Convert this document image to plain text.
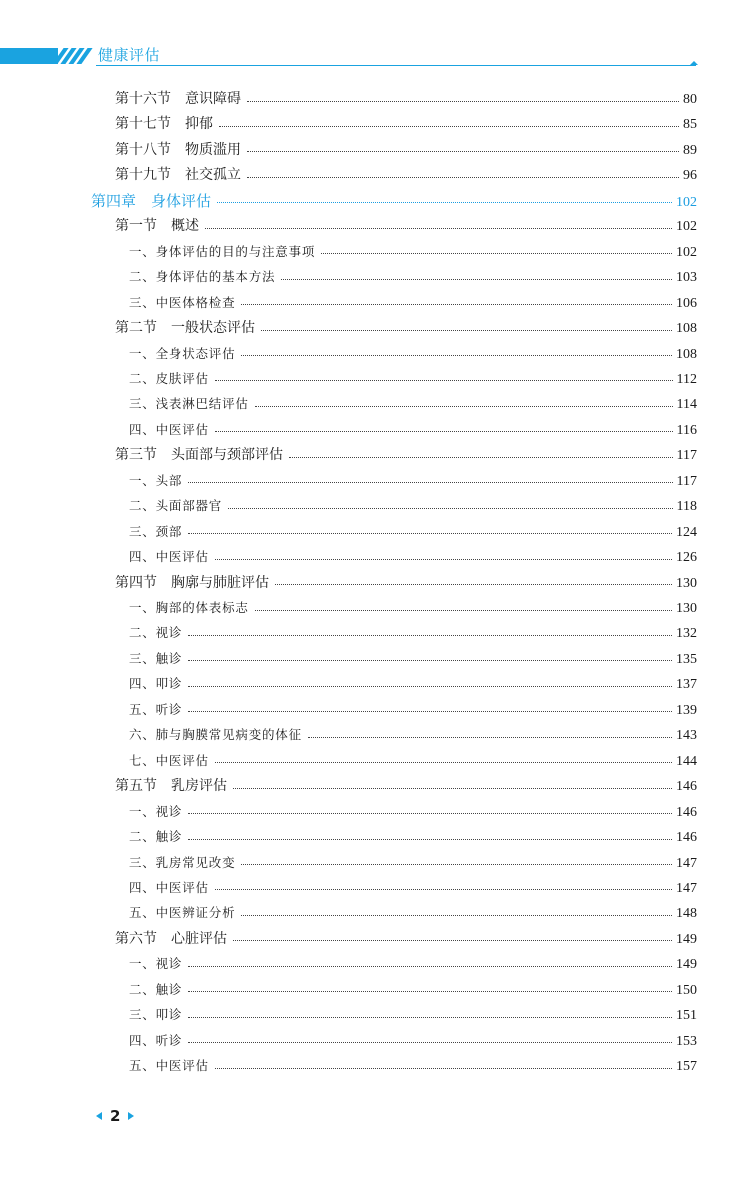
健康评估
第十六节　意识障碍	80
第十七节　抑郁	85
第十八节　物质滥用	89
第十九节　社交孤立	96
第四章　身体评估	102
第一节　概述	102
一、身体评估的目的与注意事项	102
二、身体评估的基本方法	103
三、中医体格检查	106
第二节　一般状态评估	108
一、全身状态评估	108
二、皮肤评估	112
三、浅表淋巴结评估	114
四、中医评估	116
第三节　头面部与颈部评估	117
一、头部	117
二、头面部器官	118
三、颈部	124
四、中医评估	126
第四节　胸廓与肺脏评估	130
一、胸部的体表标志	130
二、视诊	132
三、触诊	135
四、叩诊	137
五、听诊	139
六、肺与胸膜常见病变的体征	143
七、中医评估	144
第五节　乳房评估	146
一、视诊	146
二、触诊	146
三、乳房常见改变	147
四、中医评估	147
五、中医辨证分析	148
第六节　心脏评估	149
一、视诊	149
二、触诊	150
三、叩诊	151
四、听诊	153
五、中医评估	157
2
